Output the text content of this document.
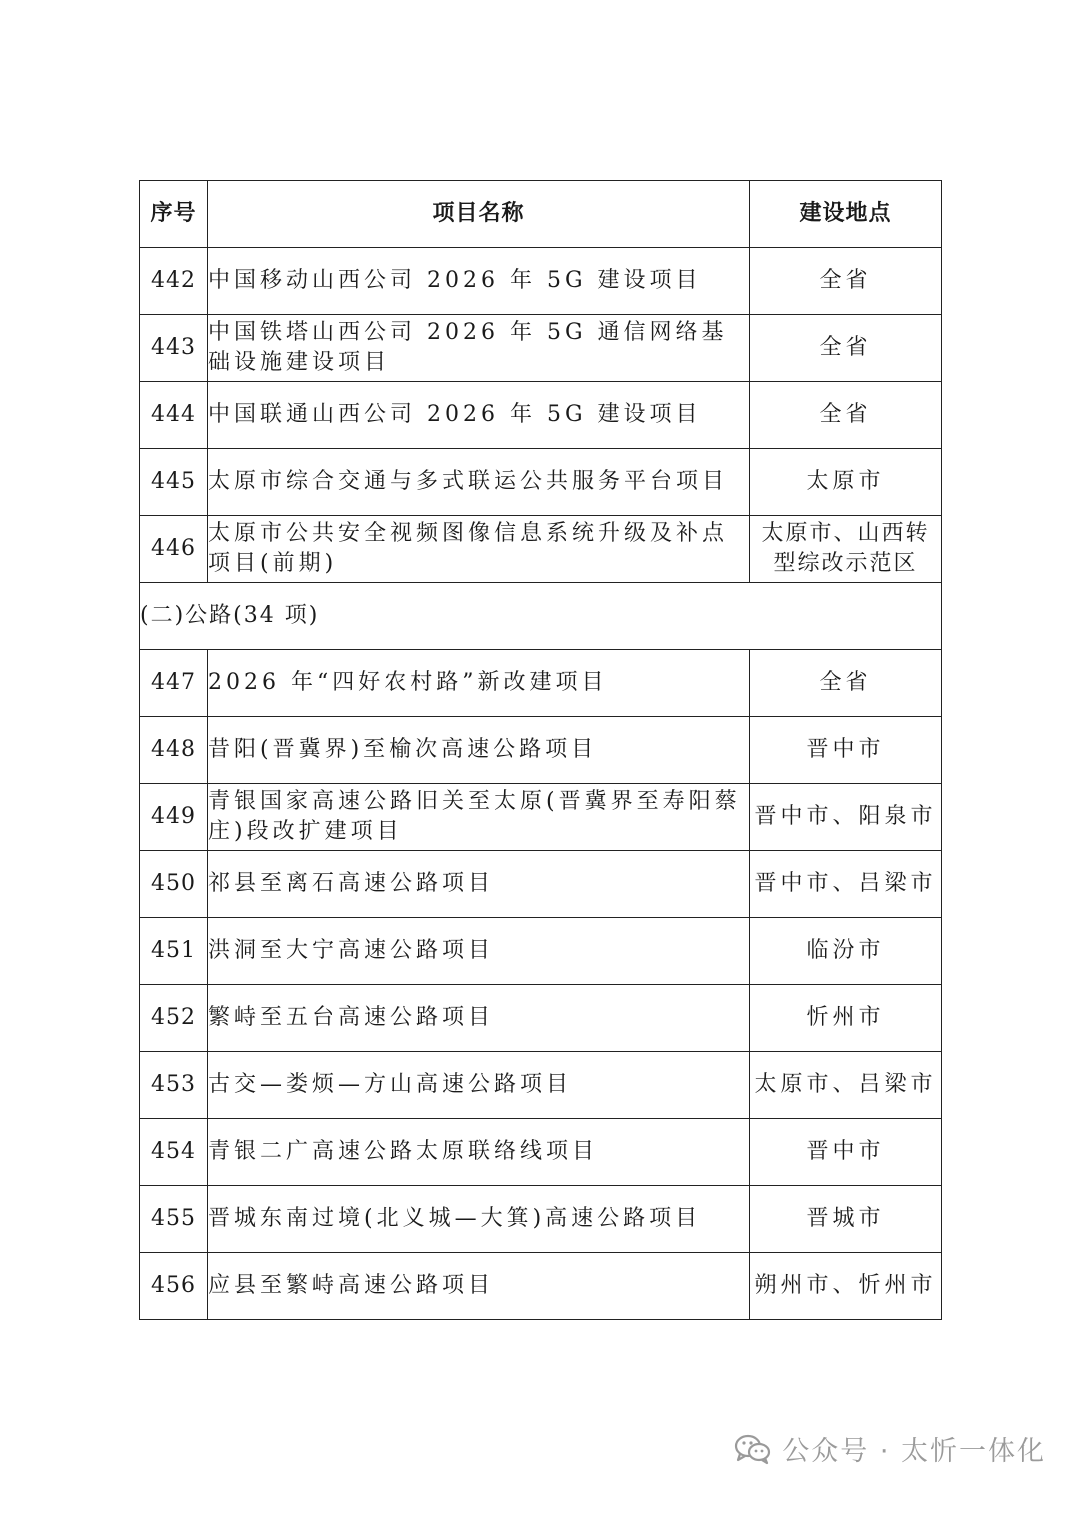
序号	项目名称	建设地点
442	中国移动山西公司 2026 年 5G 建设项目	全省
443	中国铁塔山西公司 2026 年 5G 通信网络基础设施建设项目	全省
444	中国联通山西公司 2026 年 5G 建设项目	全省
445	太原市综合交通与多式联运公共服务平台项目	太原市
446	太原市公共安全视频图像信息系统升级及补点项目(前期)	太原市、山西转型综改示范区
(二)公路(34 项)		
447	2026 年“四好农村路”新改建项目	全省
448	昔阳(晋冀界)至榆次高速公路项目	晋中市
449	青银国家高速公路旧关至太原(晋冀界至寿阳蔡庄)段改扩建项目	晋中市、阳泉市
450	祁县至离石高速公路项目	晋中市、吕梁市
451	洪洞至大宁高速公路项目	临汾市
452	繁峙至五台高速公路项目	忻州市
453	古交—娄烦—方山高速公路项目	太原市、吕梁市
454	青银二广高速公路太原联络线项目	晋中市
455	晋城东南过境(北义城—大箕)高速公路项目	晋城市
456	应县至繁峙高速公路项目	朔州市、忻州市
公众号 · 太忻一体化
